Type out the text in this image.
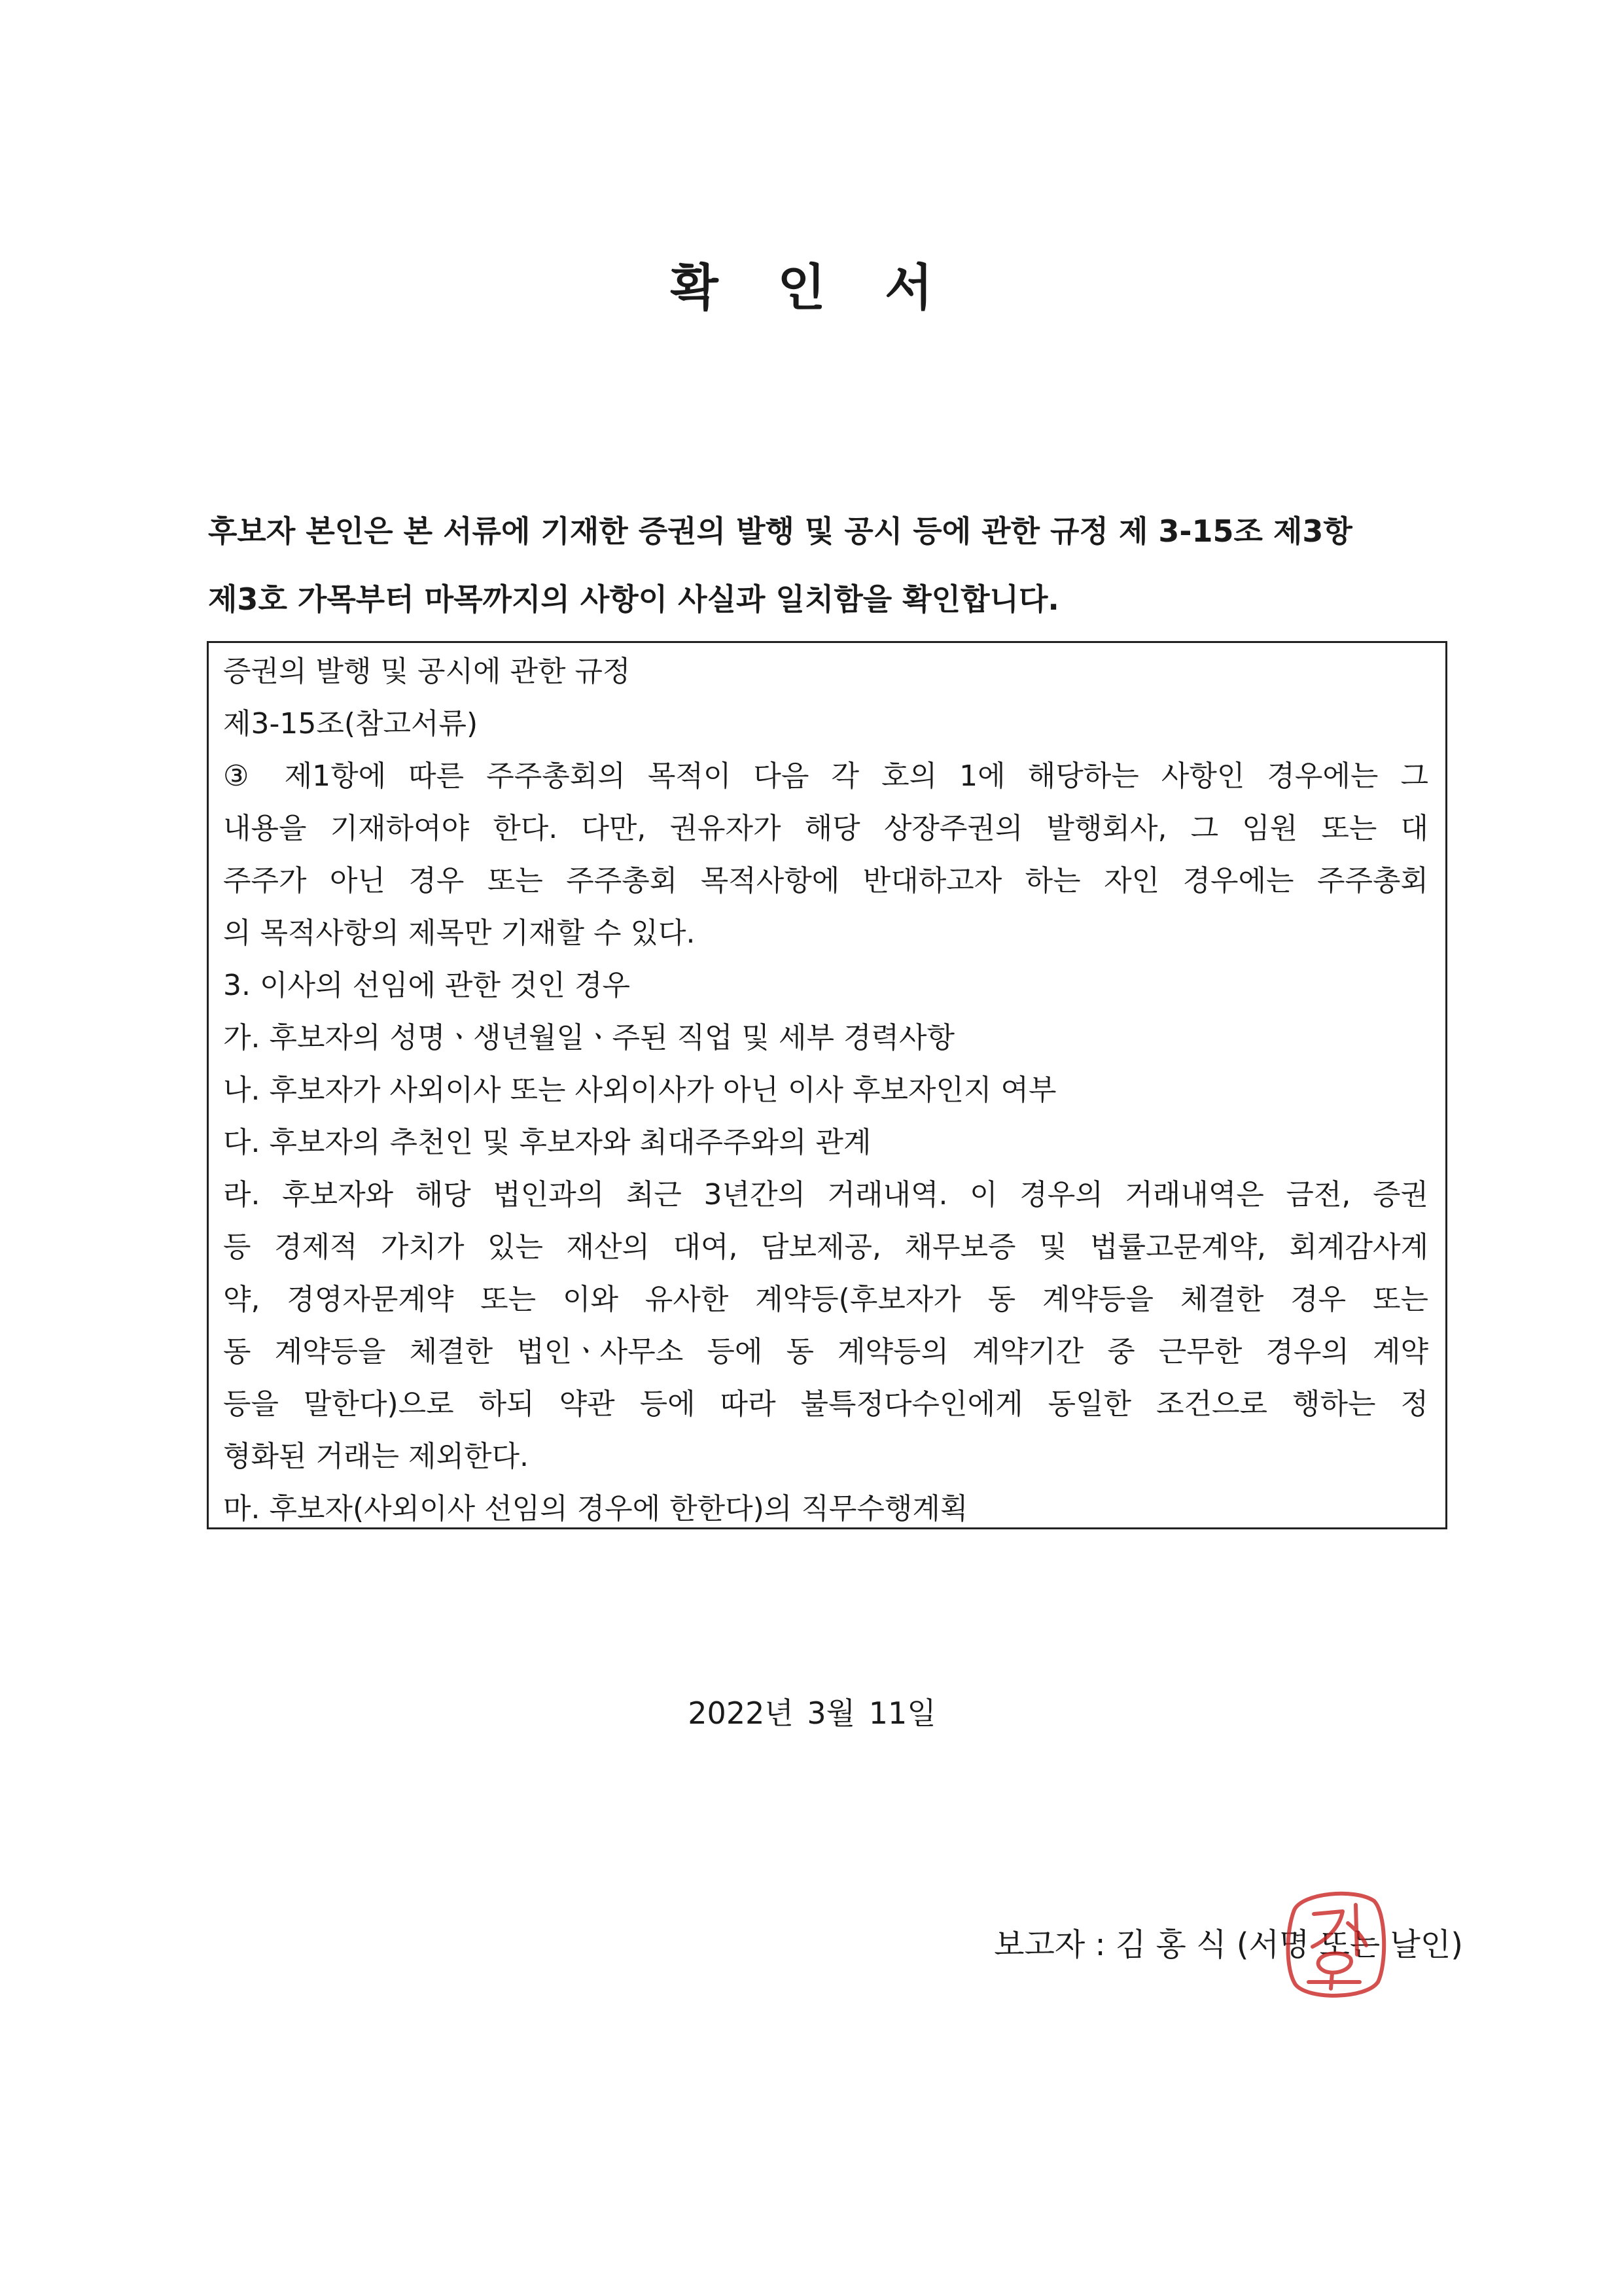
확 인 서
후보자 본인은 본 서류에 기재한 증권의 발행 및 공시 등에 관한 규정 제 3-15조 제3항
제3호 가목부터 마목까지의 사항이 사실과 일치함을 확인합니다.
증권의 발행 및 공시에 관한 규정
제3-15조(참고서류)
③ 제1항에 따른 주주총회의 목적이 다음 각 호의 1에 해당하는 사항인 경우에는 그
내용을 기재하여야 한다. 다만, 권유자가 해당 상장주권의 발행회사, 그 임원 또는 대
주주가 아닌 경우 또는 주주총회 목적사항에 반대하고자 하는 자인 경우에는 주주총회
의 목적사항의 제목만 기재할 수 있다.
3. 이사의 선임에 관한 것인 경우
가. 후보자의 성명ㆍ생년월일ㆍ주된 직업 및 세부 경력사항
나. 후보자가 사외이사 또는 사외이사가 아닌 이사 후보자인지 여부
다. 후보자의 추천인 및 후보자와 최대주주와의 관계
라. 후보자와 해당 법인과의 최근 3년간의 거래내역. 이 경우의 거래내역은 금전, 증권
등 경제적 가치가 있는 재산의 대여, 담보제공, 채무보증 및 법률고문계약, 회계감사계
약, 경영자문계약 또는 이와 유사한 계약등(후보자가 동 계약등을 체결한 경우 또는
동 계약등을 체결한 법인ㆍ사무소 등에 동 계약등의 계약기간 중 근무한 경우의 계약
등을 말한다)으로 하되 약관 등에 따라 불특정다수인에게 동일한 조건으로 행하는 정
형화된 거래는 제외한다.
마. 후보자(사외이사 선임의 경우에 한한다)의 직무수행계획
2022년 3월 11일
보고자 : 김 홍 식 (서명 또는 날인)
